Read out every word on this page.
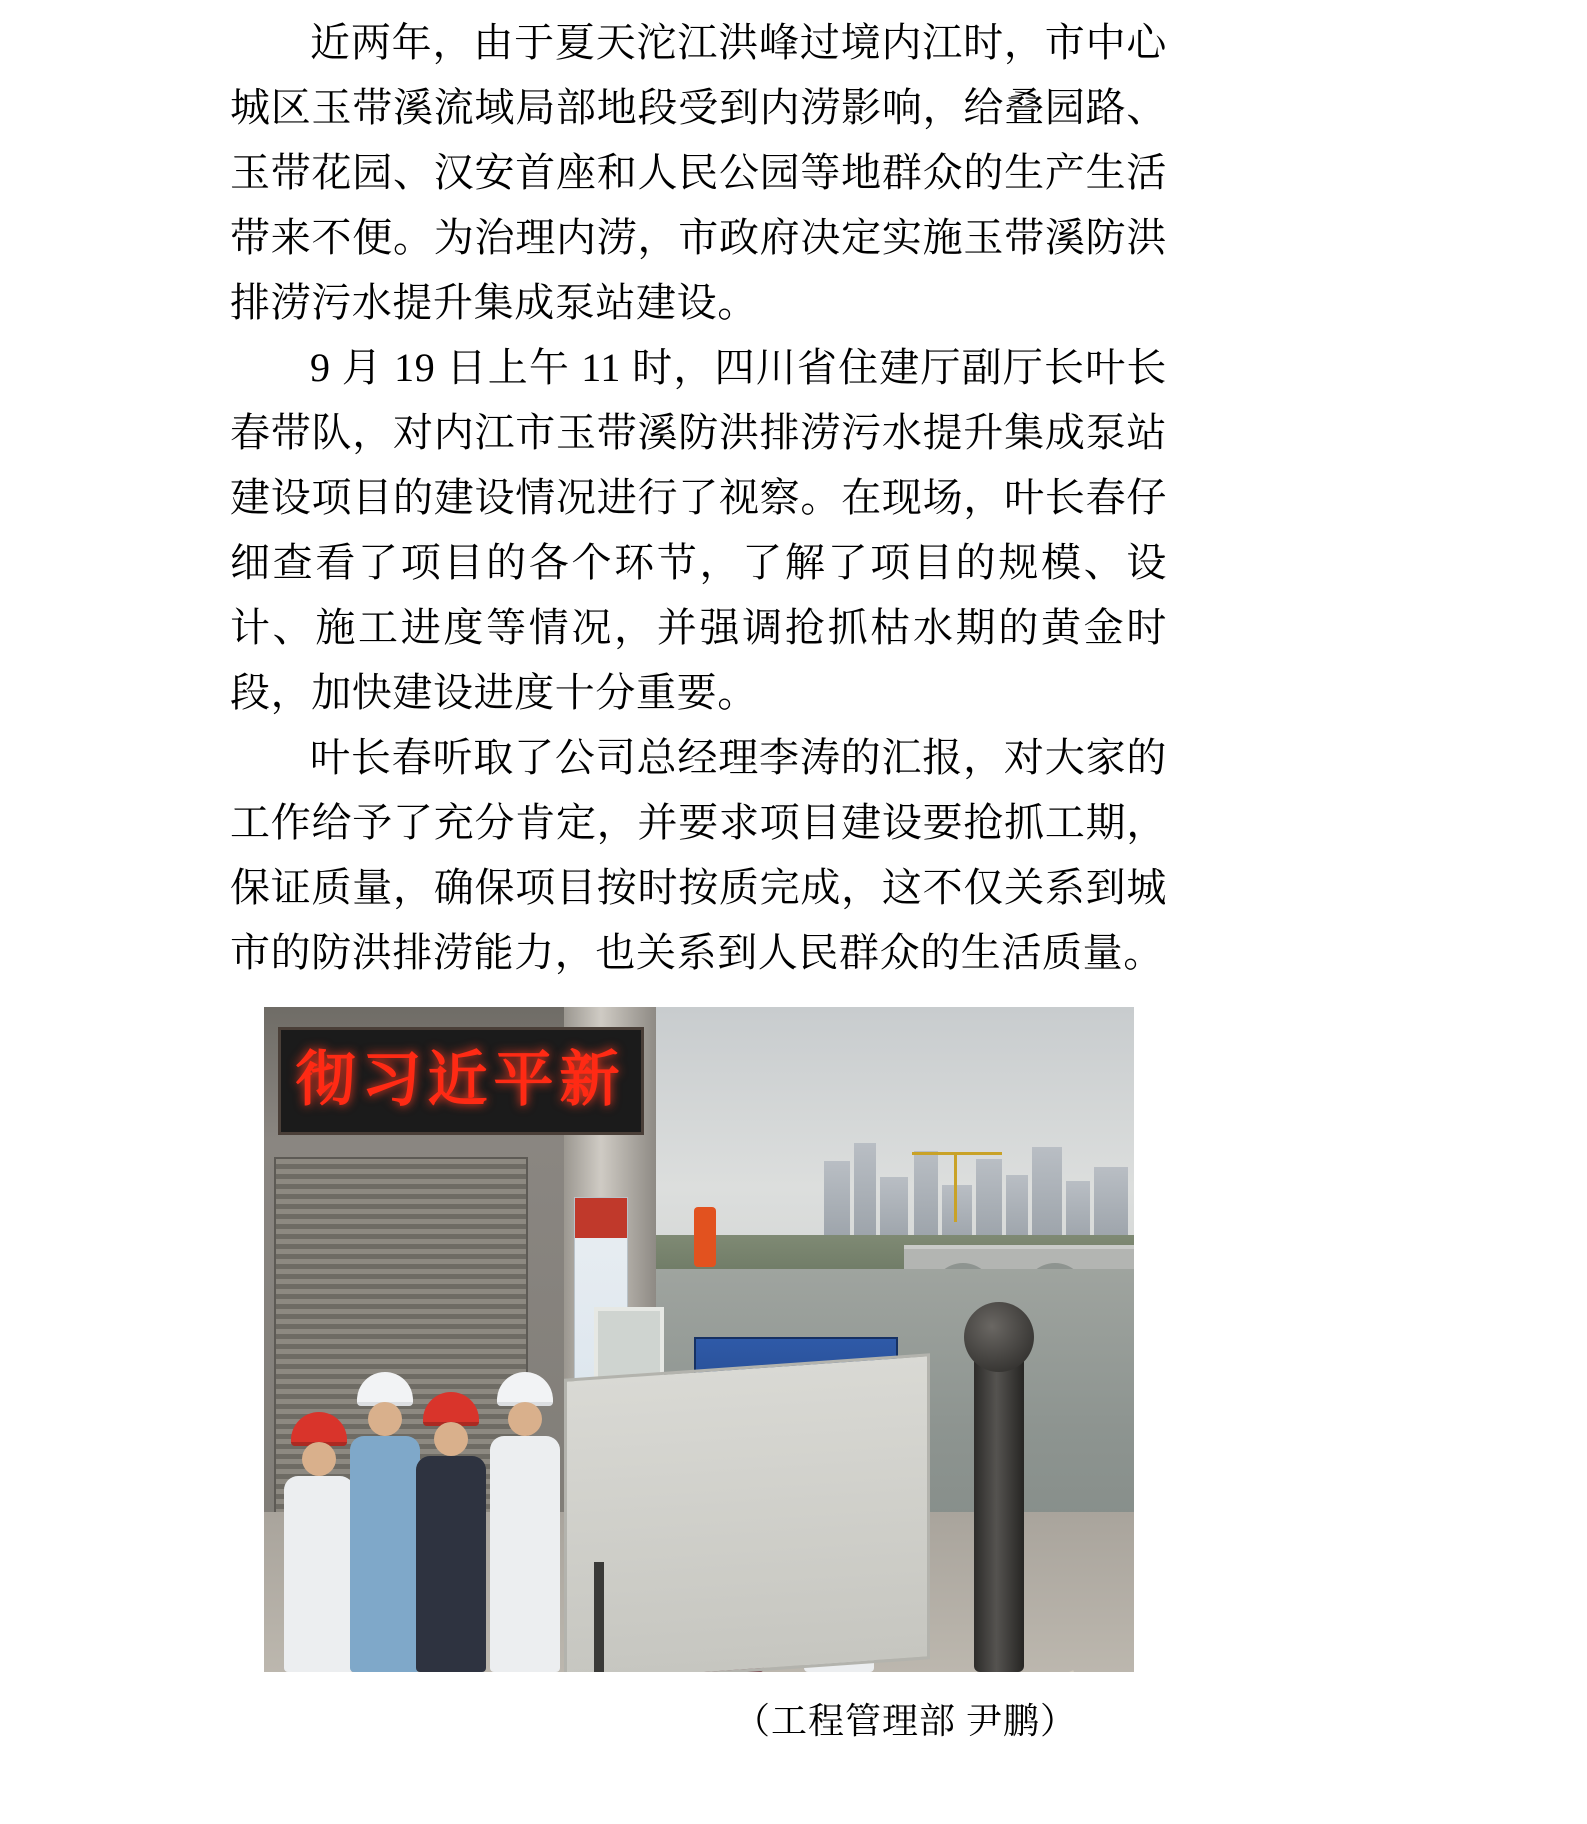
近两年，由于夏天沱江洪峰过境内江时，市中心城区玉带溪流域局部地段受到内涝影响，给叠园路、玉带花园、汉安首座和人民公园等地群众的生产生活带来不便。为治理内涝，市政府决定实施玉带溪防洪排涝污水提升集成泵站建设。

9 月 19 日上午 11 时，四川省住建厅副厅长叶长春带队，对内江市玉带溪防洪排涝污水提升集成泵站建设项目的建设情况进行了视察。在现场，叶长春仔细查看了项目的各个环节，了解了项目的规模、设计、施工进度等情况，并强调抢抓枯水期的黄金时段，加快建设进度十分重要。

叶长春听取了公司总经理李涛的汇报，对大家的工作给予了充分肯定，并要求项目建设要抢抓工期，保证质量，确保项目按时按质完成，这不仅关系到城市的防洪排涝能力，也关系到人民群众的生活质量。

彻习近平新
（工程管理部 尹鹏）
